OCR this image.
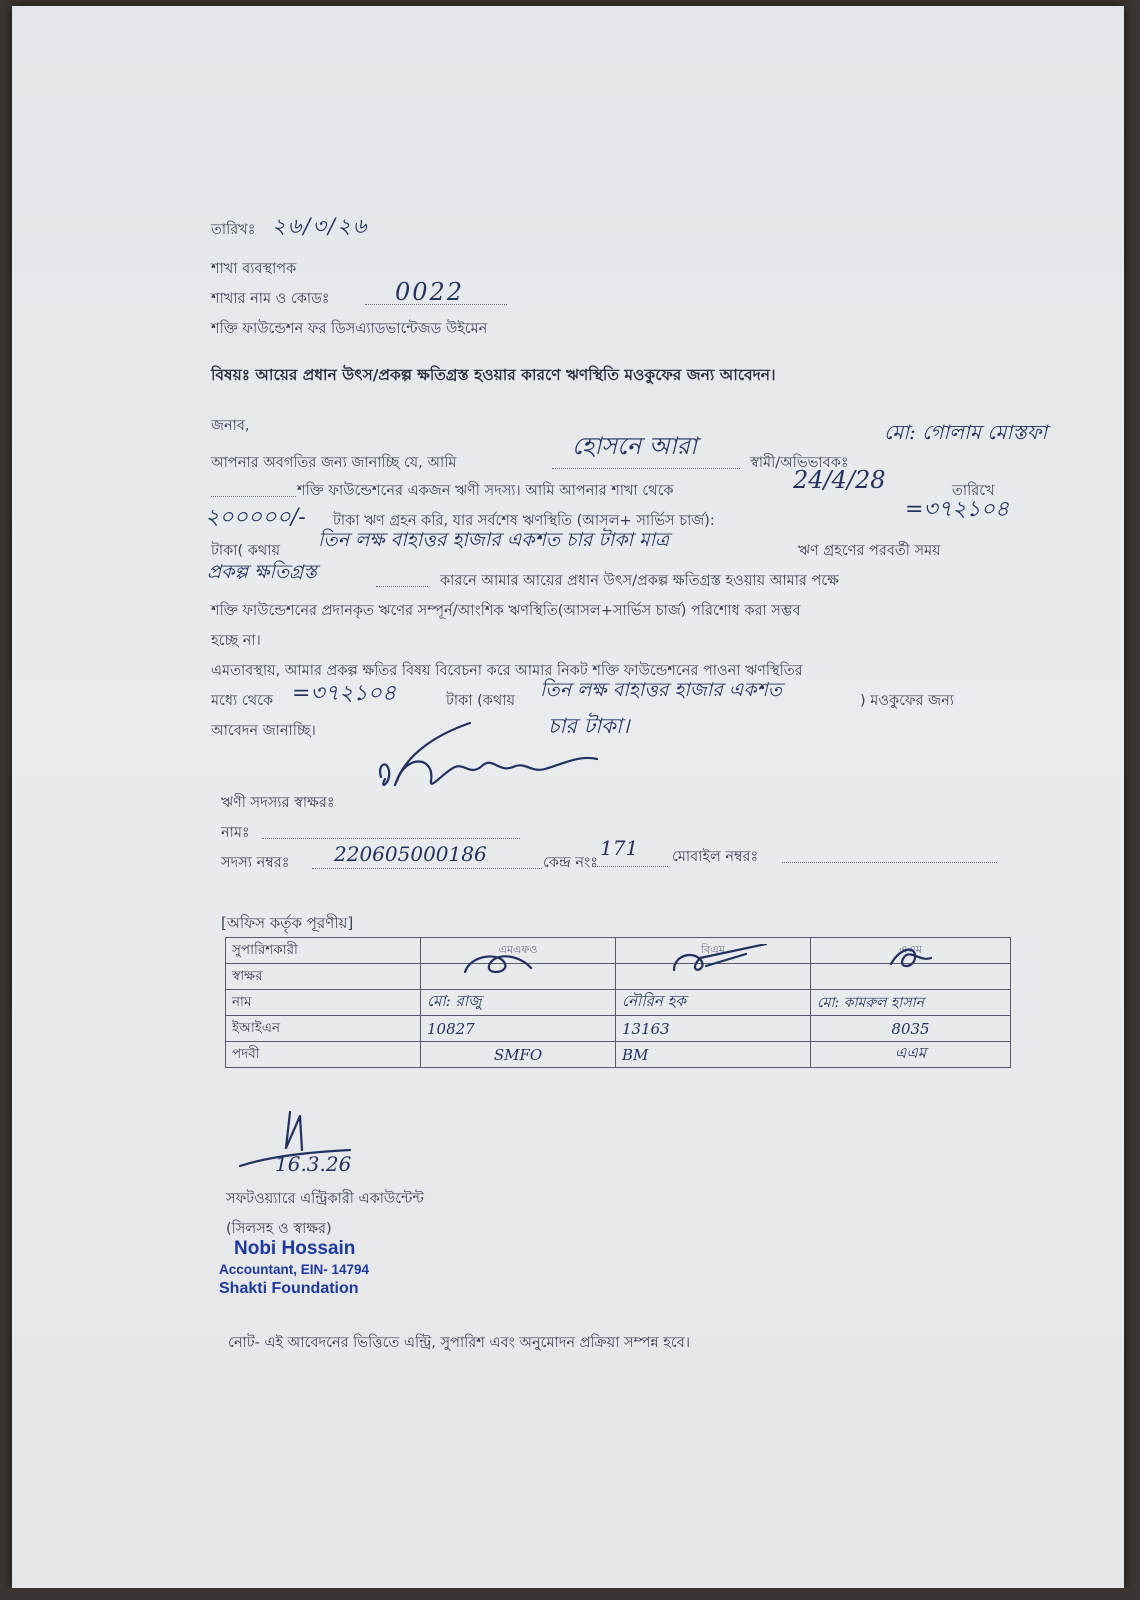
তারিখঃ ২৬/৩/২৬
শাখা ব্যবস্থাপক
শাখার নাম ও কোডঃ	0022
শক্তি ফাউন্ডেশন ফর ডিসএ্যাডভান্টেজড উইমেন
বিষয়ঃ আয়ের প্রধান উৎস/প্রকল্প ক্ষতিগ্রস্ত হওয়ার কারণে ঋণস্থিতি মওকুফের জন্য আবেদন।
জনাব,
আপনার অবগতির জন্য জানাচ্ছি যে, আমি
হোসনে আরা
স্বামী/অভিভাবকঃ
মো: গোলাম মোস্তফা
শক্তি ফাউন্ডেশনের একজন ঋণী সদস্য। আমি আপনার শাখা থেকে	24/4/28	তারিখে
২০০০০০/- টাকা ঋণ গ্রহন করি, যার সর্বশেষ ঋণস্থিতি (আসল+ সার্ভিস চার্জ):	=৩৭২১০৪
টাকা( কথায় তিন লক্ষ বাহাত্তর হাজার একশত চার টাকা মাত্র	ঋণ গ্রহণের পরবর্তী সময়
প্রকল্প ক্ষতিগ্রস্ত	কারনে আমার আয়ের প্রধান উৎস/প্রকল্প ক্ষতিগ্রস্ত হওয়ায় আমার পক্ষে
শক্তি ফাউন্ডেশনের প্রদানকৃত ঋণের সম্পূর্ন/আংশিক ঋণস্থিতি(আসল+সার্ভিস চার্জ) পরিশোধ করা সম্ভব
হচ্ছে না।
এমতাবস্থায়, আমার প্রকল্প ক্ষতির বিষয় বিবেচনা করে আমার নিকট শক্তি ফাউন্ডেশনের পাওনা ঋণস্থিতির
মধ্যে থেকে =৩৭২১০৪	টাকা (কথায় তিন লক্ষ বাহাত্তর হাজার একশত	) মওকুফের জন্য
আবেদন জানাচ্ছি।	চার টাকা।
ঋণী সদস্যর স্বাক্ষরঃ
নামঃ
সদস্য নম্বরঃ 220605000186	কেন্দ্র নংঃ
171 মোবাইল নম্বরঃ
[অফিস কর্তৃক পূরণীয়]
সুপারিশকারী	এমএফও	বিএম	এএম
স্বাক্ষর	

নাম	মো: রাজু	নৌরিন হক	মো: কামরুল হাসান
ইআইএন	10827	13163	8035
পদবী	SMFO	BM	এএম
16.3.26
সফটওয়্যারে এন্ট্রিকারী একাউন্টেন্ট
(সিলসহ ও স্বাক্ষর)
Nobi Hossain
Accountant, EIN- 14794
Shakti Foundation
নোট- এই আবেদনের ভিত্তিতে এন্ট্রি, সুপারিশ এবং অনুমোদন প্রক্রিয়া সম্পন্ন হবে।
